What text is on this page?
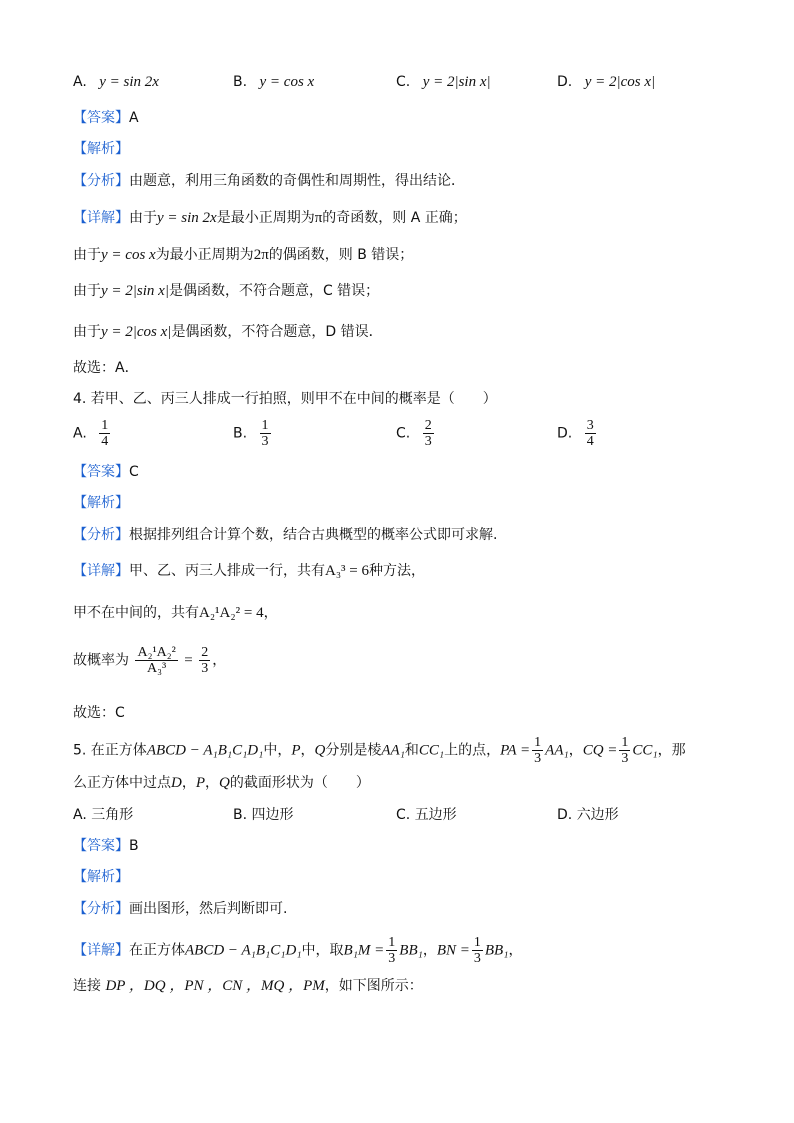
A. y = sin 2x	B. y = cos x	C. y = 2|sin x|	D. y = 2|cos x|
【答案】A
【解析】
【分析】由题意，利用三角函数的奇偶性和周期性，得出结论．
【详解】由于y = sin 2x是最小正周期为π的奇函数，则 A 正确；
由于y = cos x为最小正周期为2π的偶函数，则 B 错误；
由于y = 2|sin x|是偶函数，不符合题意，C 错误；
由于y = 2|cos x|是偶函数，不符合题意，D 错误．
故选：A．
4. 若甲、乙、丙三人排成一行拍照，则甲不在中间的概率是（　　）
A. $\frac{1}{4}$	B. $\frac{1}{3}$	C. $\frac{2}{3}$	D. $\frac{3}{4}$
【答案】C
【解析】
【分析】根据排列组合计算个数，结合古典概型的概率公式即可求解.
【详解】甲、乙、丙三人排成一行，共有A₃³ = 6种方法，
甲不在中间的，共有A₂¹A₂² = 4，
故概率为 $\frac{\text{A₂¹A₂²}}{\text{A₃³}} = \frac{2}{3}$ ，
故选：C
5. 在正方体ABCD − A₁B₁C₁D₁中，P，Q分别是棱AA₁和CC₁上的点，PA = $\frac{1}{3} AA_1$，CQ = $\frac{1}{3} CC_1$，那
么正方体中过点D，P，Q的截面形状为（　　）
A. 三角形	B. 四边形	C. 五边形	D. 六边形
【答案】B
【解析】
【分析】画出图形，然后判断即可.
【详解】在正方体ABCD − A₁B₁C₁D₁中，取$B_1M = \frac{1}{3} BB_1$，BN = $\frac{1}{3} BB_1$，
连接 DP ，DQ ，PN ，CN ，MQ ，PM，如下图所示：
